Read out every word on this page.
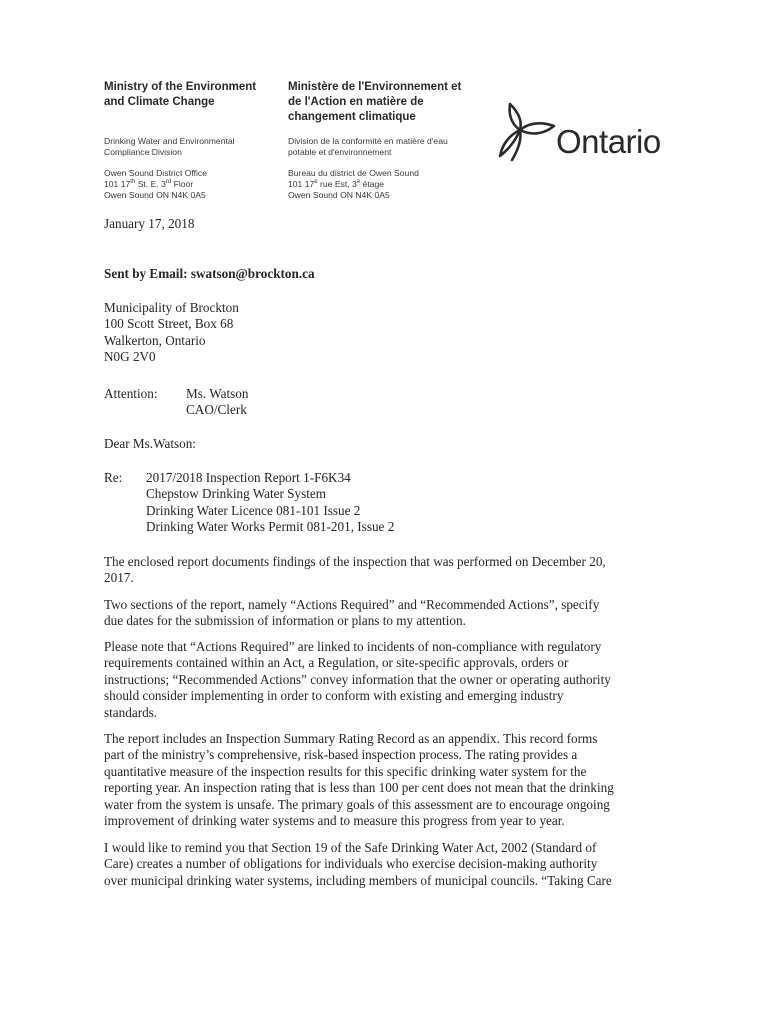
Ministry of the Environment
and Climate Change
Drinking Water and Environmental
Compliance Division
Owen Sound District Office
101 17th St. E. 3rd Floor
Owen Sound ON N4K 0A5
Ministère de l'Environnement et
de l'Action en matière de
changement climatique
Division de la conformité en matière d'eau
potable et d'environnement
Bureau du district de Owen Sound
101 17e rue Est, 3e étage
Owen Sound ON N4K 0A5
Ontario
January 17, 2018
Sent by Email: swatson@brockton.ca
Municipality of Brockton
100 Scott Street, Box 68
Walkerton, Ontario
N0G 2V0
Attention: Ms. Watson
CAO/Clerk
Dear Ms.Watson:
Re: 2017/2018 Inspection Report 1-F6K34
Chepstow Drinking Water System
Drinking Water Licence 081-101 Issue 2
Drinking Water Works Permit 081-201, Issue 2
The enclosed report documents findings of the inspection that was performed on December 20,
2017.
Two sections of the report, namely “Actions Required” and “Recommended Actions”, specify
due dates for the submission of information or plans to my attention.
Please note that “Actions Required” are linked to incidents of non-compliance with regulatory
requirements contained within an Act, a Regulation, or site-specific approvals, orders or
instructions; “Recommended Actions” convey information that the owner or operating authority
should consider implementing in order to conform with existing and emerging industry
standards.
The report includes an Inspection Summary Rating Record as an appendix. This record forms
part of the ministry’s comprehensive, risk-based inspection process. The rating provides a
quantitative measure of the inspection results for this specific drinking water system for the
reporting year. An inspection rating that is less than 100 per cent does not mean that the drinking
water from the system is unsafe. The primary goals of this assessment are to encourage ongoing
improvement of drinking water systems and to measure this progress from year to year.
I would like to remind you that Section 19 of the Safe Drinking Water Act, 2002 (Standard of
Care) creates a number of obligations for individuals who exercise decision-making authority
over municipal drinking water systems, including members of municipal councils. “Taking Care
